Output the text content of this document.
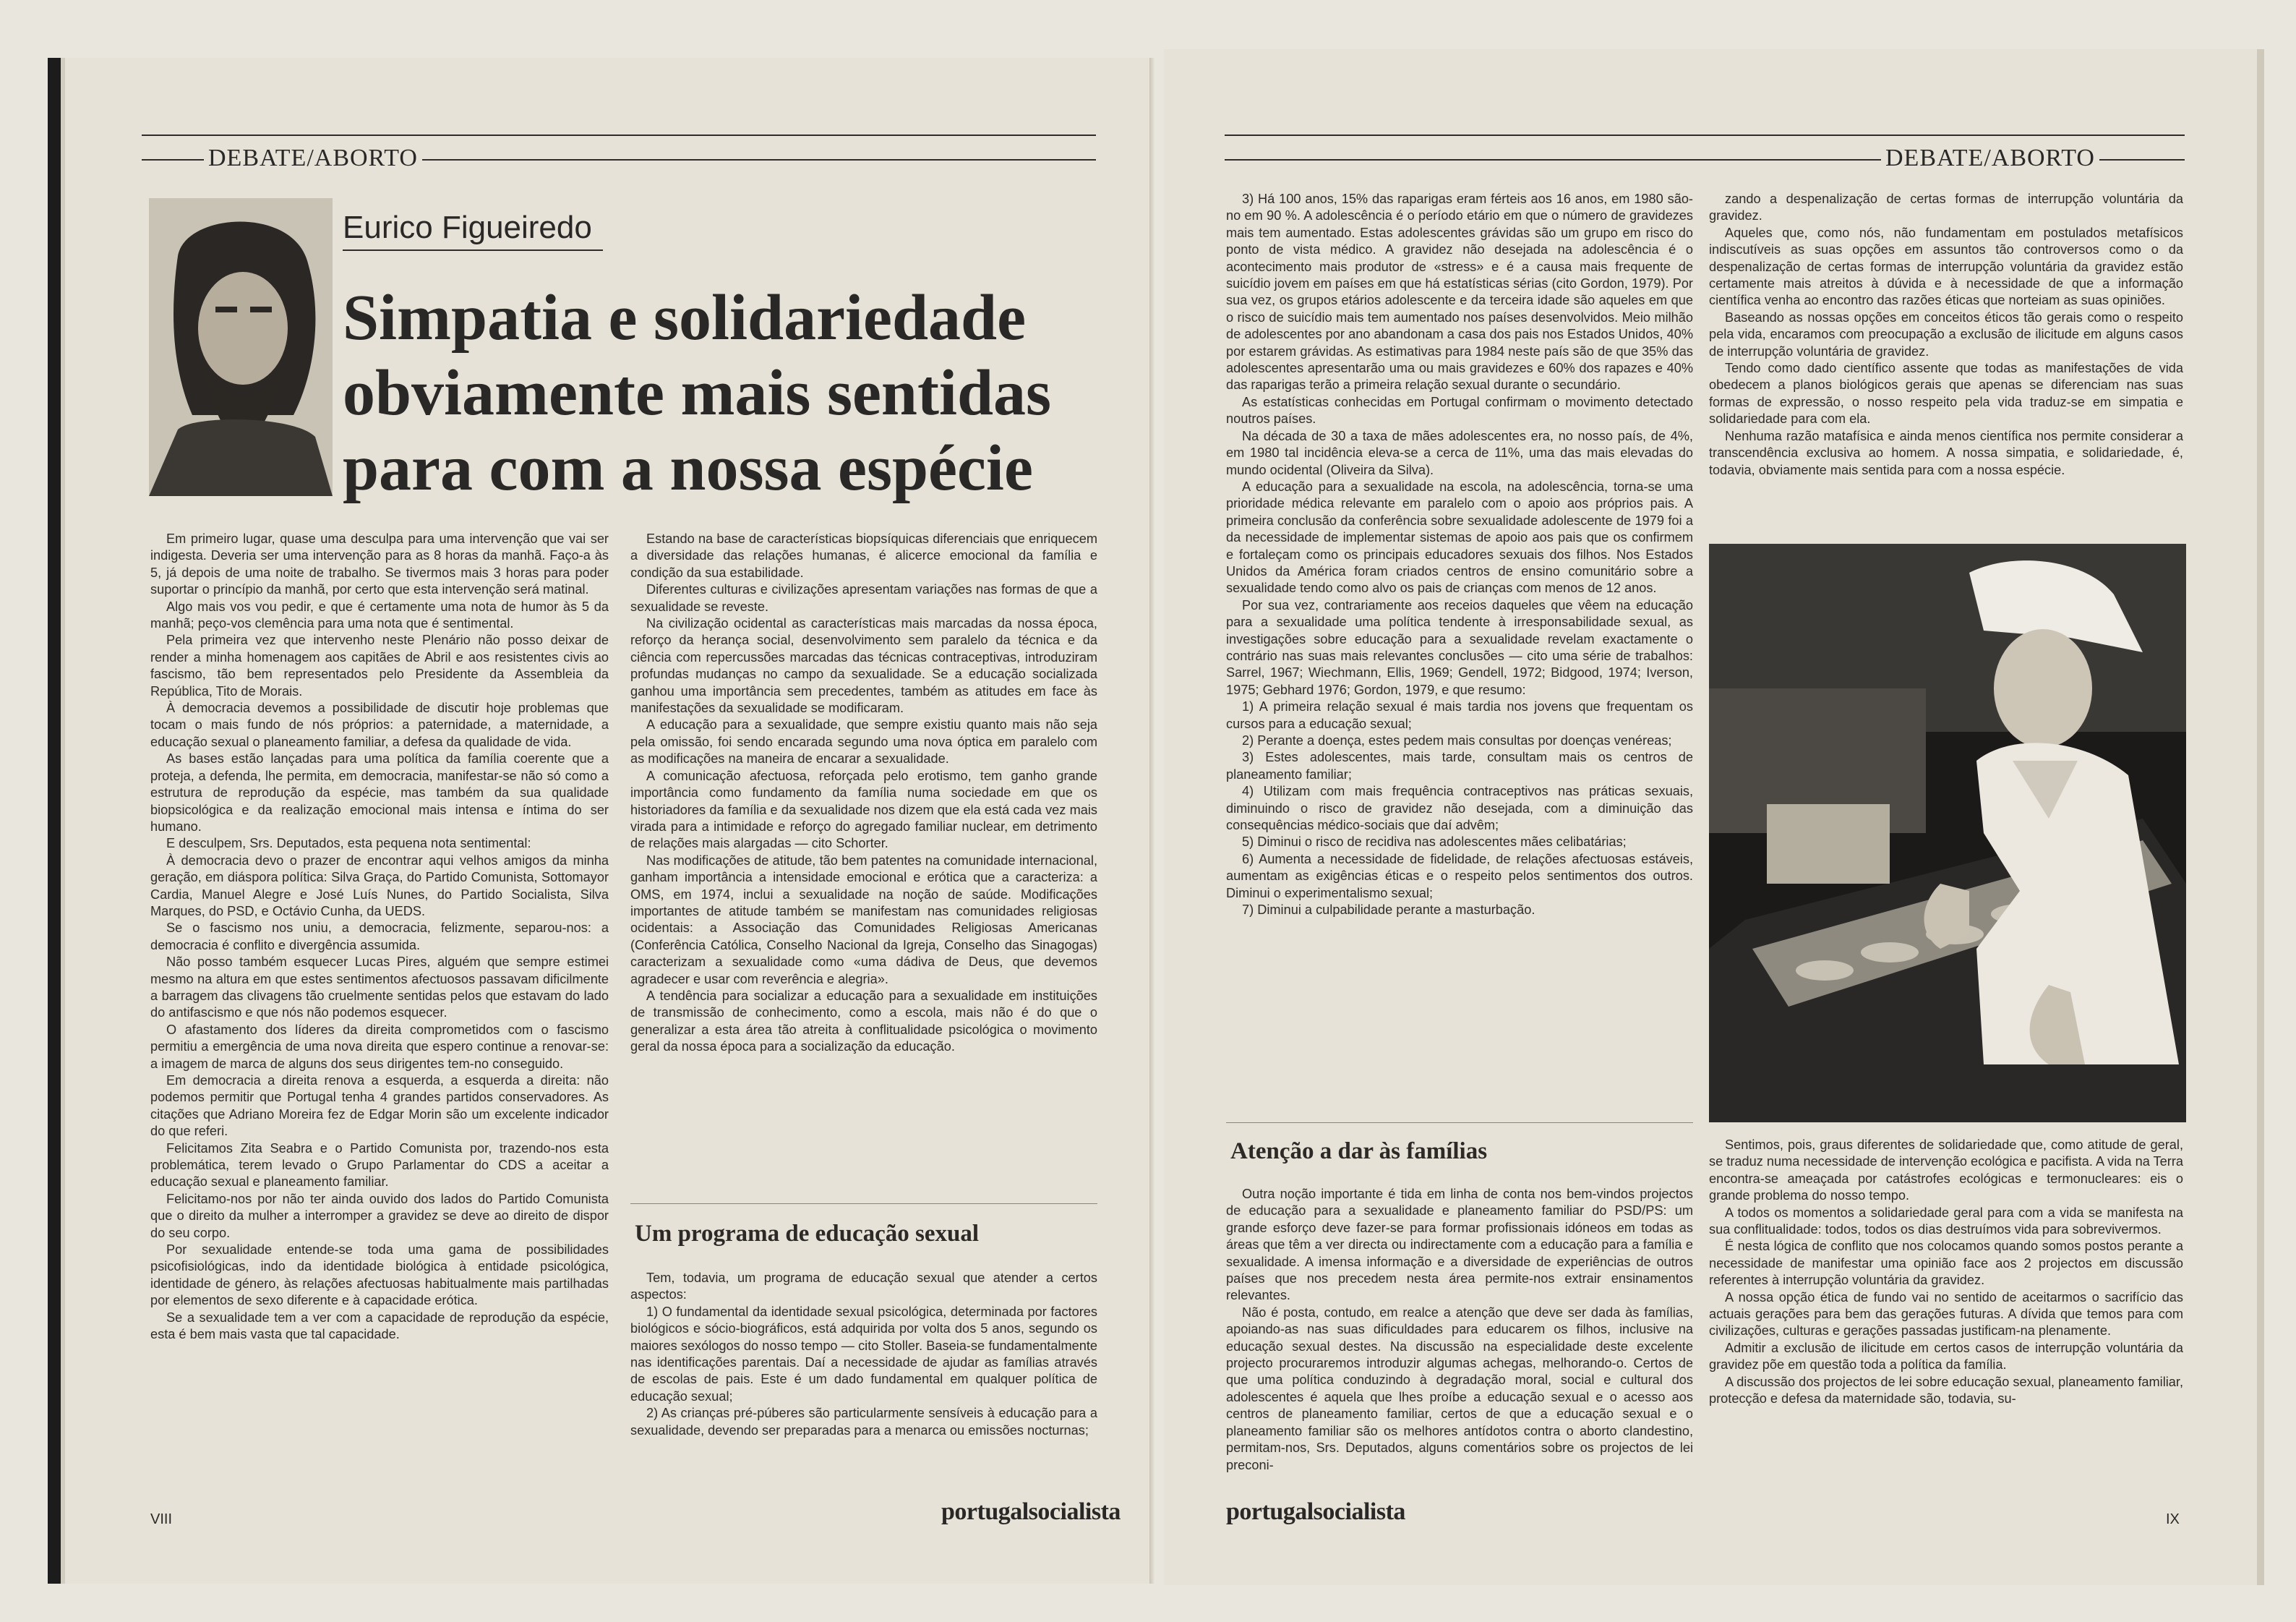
DEBATE/ABORTO
Eurico Figueiredo
Simpatia e solidariedade obviamente mais sentidas para com a nossa espécie

Em primeiro lugar, quase uma desculpa para uma intervenção que vai ser indigesta. Deveria ser uma intervenção para as 8 horas da manhã. Faço-a às 5, já depois de uma noite de trabalho. Se tivermos mais 3 horas para poder suportar o princípio da manhã, por certo que esta intervenção será matinal.

Algo mais vos vou pedir, e que é certamente uma nota de humor às 5 da manhã; peço-vos clemência para uma nota que é sentimental.

Pela primeira vez que intervenho neste Plenário não posso deixar de render a minha homenagem aos capitães de Abril e aos resistentes civis ao fascismo, tão bem representados pelo Presidente da Assembleia da República, Tito de Morais.

À democracia devemos a possibilidade de discutir hoje problemas que tocam o mais fundo de nós próprios: a paternidade, a maternidade, a educação sexual o planeamento familiar, a defesa da qualidade de vida.

As bases estão lançadas para uma política da família coerente que a proteja, a defenda, lhe permita, em democracia, manifestar-se não só como a estrutura de reprodução da espécie, mas também da sua qualidade biopsicológica e da realização emocional mais intensa e íntima do ser humano.

E desculpem, Srs. Deputados, esta pequena nota sentimental:

À democracia devo o prazer de encontrar aqui velhos amigos da minha geração, em diáspora política: Silva Graça, do Partido Comunista, Sottomayor Cardia, Manuel Alegre e José Luís Nunes, do Partido Socialista, Silva Marques, do PSD, e Octávio Cunha, da UEDS.

Se o fascismo nos uniu, a democracia, felizmente, separou-nos: a democracia é conflito e divergência assumida.

Não posso também esquecer Lucas Pires, alguém que sempre estimei mesmo na altura em que estes sentimentos afectuosos passavam dificilmente a barragem das clivagens tão cruelmente sentidas pelos que estavam do lado do antifascismo e que nós não podemos esquecer.

O afastamento dos líderes da direita comprometidos com o fascismo permitiu a emergência de uma nova direita que espero continue a renovar-se: a imagem de marca de alguns dos seus dirigentes tem-no conseguido.

Em democracia a direita renova a esquerda, a esquerda a direita: não podemos permitir que Portugal tenha 4 grandes partidos conservadores. As citações que Adriano Moreira fez de Edgar Morin são um excelente indicador do que referi.

Felicitamos Zita Seabra e o Partido Comunista por, trazendo-nos esta problemática, terem levado o Grupo Parlamentar do CDS a aceitar a educação sexual e planeamento familiar.

Felicitamo-nos por não ter ainda ouvido dos lados do Partido Comunista que o direito da mulher a interromper a gravidez se deve ao direito de dispor do seu corpo.

Por sexualidade entende-se toda uma gama de possibilidades psicofisiológicas, indo da identidade biológica à entidade psicológica, identidade de género, às relações afectuosas habitualmente mais partilhadas por elementos de sexo diferente e à capacidade erótica.

Se a sexualidade tem a ver com a capacidade de reprodução da espécie, esta é bem mais vasta que tal capacidade.

Estando na base de características biopsíquicas diferenciais que enriquecem a diversidade das relações humanas, é alicerce emocional da família e condição da sua estabilidade.

Diferentes culturas e civilizações apresentam variações nas formas de que a sexualidade se reveste.

Na civilização ocidental as características mais marcadas da nossa época, reforço da herança social, desenvolvimento sem paralelo da técnica e da ciência com repercussões marcadas das técnicas contraceptivas, introduziram profundas mudanças no campo da sexualidade. Se a educação socializada ganhou uma importância sem precedentes, também as atitudes em face às manifestações da sexualidade se modificaram.

A educação para a sexualidade, que sempre existiu quanto mais não seja pela omissão, foi sendo encarada segundo uma nova óptica em paralelo com as modificações na maneira de encarar a sexualidade.

A comunicação afectuosa, reforçada pelo erotismo, tem ganho grande importância como fundamento da família numa sociedade em que os historiadores da família e da sexualidade nos dizem que ela está cada vez mais virada para a intimidade e reforço do agregado familiar nuclear, em detrimento de relações mais alargadas — cito Schorter.

Nas modificações de atitude, tão bem patentes na comunidade internacional, ganham importância a intensidade emocional e erótica que a caracteriza: a OMS, em 1974, inclui a sexualidade na noção de saúde. Modificações importantes de atitude também se manifestam nas comunidades religiosas ocidentais: a Associação das Comunidades Religiosas Americanas (Conferência Católica, Conselho Nacional da Igreja, Conselho das Sinagogas) caracterizam a sexualidade como «uma dádiva de Deus, que devemos agradecer e usar com reverência e alegria».

A tendência para socializar a educação para a sexualidade em instituições de transmissão de conhecimento, como a escola, mais não é do que o generalizar a esta área tão atreita à conflitualidade psicológica o movimento geral da nossa época para a socialização da educação.

Um programa de educação sexual

Tem, todavia, um programa de educação sexual que atender a certos aspectos:

1) O fundamental da identidade sexual psicológica, determinada por factores biológicos e sócio-biográficos, está adquirida por volta dos 5 anos, segundo os maiores sexólogos do nosso tempo — cito Stoller. Baseia-se fundamentalmente nas identificações parentais. Daí a necessidade de ajudar as famílias através de escolas de pais. Este é um dado fundamental em qualquer política de educação sexual;

2) As crianças pré-púberes são particularmente sensíveis à educação para a sexualidade, devendo ser preparadas para a menarca ou emissões nocturnas;

VIII	portugalsocialista
DEBATE/ABORTO

3) Há 100 anos, 15% das raparigas eram férteis aos 16 anos, em 1980 são-no em 90 %. A adolescência é o período etário em que o número de gravidezes mais tem aumentado. Estas adolescentes grávidas são um grupo em risco do ponto de vista médico. A gravidez não desejada na adolescência é o acontecimento mais produtor de «stress» e é a causa mais frequente de suicídio jovem em países em que há estatísticas sérias (cito Gordon, 1979). Por sua vez, os grupos etários adolescente e da terceira idade são aqueles em que o risco de suicídio mais tem aumentado nos países desenvolvidos. Meio milhão de adolescentes por ano abandonam a casa dos pais nos Estados Unidos, 40% por estarem grávidas. As estimativas para 1984 neste país são de que 35% das adolescentes apresentarão uma ou mais gravidezes e 60% dos rapazes e 40% das raparigas terão a primeira relação sexual durante o secundário.

As estatísticas conhecidas em Portugal confirmam o movimento detectado noutros países.

Na década de 30 a taxa de mães adolescentes era, no nosso país, de 4%, em 1980 tal incidência eleva-se a cerca de 11%, uma das mais elevadas do mundo ocidental (Oliveira da Silva).

A educação para a sexualidade na escola, na adolescência, torna-se uma prioridade médica relevante em paralelo com o apoio aos próprios pais. A primeira conclusão da conferência sobre sexualidade adolescente de 1979 foi a da necessidade de implementar sistemas de apoio aos pais que os confirmem e fortaleçam como os principais educadores sexuais dos filhos. Nos Estados Unidos da América foram criados centros de ensino comunitário sobre a sexualidade tendo como alvo os pais de crianças com menos de 12 anos.

Por sua vez, contrariamente aos receios daqueles que vêem na educação para a sexualidade uma política tendente à irresponsabilidade sexual, as investigações sobre educação para a sexualidade revelam exactamente o contrário nas suas mais relevantes conclusões — cito uma série de trabalhos: Sarrel, 1967; Wiechmann, Ellis, 1969; Gendell, 1972; Bidgood, 1974; Iverson, 1975; Gebhard 1976; Gordon, 1979, e que resumo:

1) A primeira relação sexual é mais tardia nos jovens que frequentam os cursos para a educação sexual;

2) Perante a doença, estes pedem mais consultas por doenças venéreas;

3) Estes adolescentes, mais tarde, consultam mais os centros de planeamento familiar;

4) Utilizam com mais frequência contraceptivos nas práticas sexuais, diminuindo o risco de gravidez não desejada, com a diminuição das consequências médico-sociais que daí advêm;

5) Diminui o risco de recidiva nas adolescentes mães celibatárias;

6) Aumenta a necessidade de fidelidade, de relações afectuosas estáveis, aumentam as exigências éticas e o respeito pelos sentimentos dos outros. Diminui o experimentalismo sexual;

7) Diminui a culpabilidade perante a masturbação.

Atenção a dar às famílias

Outra noção importante é tida em linha de conta nos bem-vindos projectos de educação para a sexualidade e planeamento familiar do PSD/PS: um grande esforço deve fazer-se para formar profissionais idóneos em todas as áreas que têm a ver directa ou indirectamente com a educação para a família e sexualidade. A imensa informação e a diversidade de experiências de outros países que nos precedem nesta área permite-nos extrair ensinamentos relevantes.

Não é posta, contudo, em realce a atenção que deve ser dada às famílias, apoiando-as nas suas dificuldades para educarem os filhos, inclusive na educação sexual destes. Na discussão na especialidade deste excelente projecto procuraremos introduzir algumas achegas, melhorando-o. Certos de que uma política conduzindo à degradação moral, social e cultural dos adolescentes é aquela que lhes proíbe a educação sexual e o acesso aos centros de planeamento familiar, certos de que a educação sexual e o planeamento familiar são os melhores antídotos contra o aborto clandestino, permitam-nos, Srs. Deputados, alguns comentários sobre os projectos de lei preconi-

zando a despenalização de certas formas de interrupção voluntária da gravidez.

Aqueles que, como nós, não fundamentam em postulados metafísicos indiscutíveis as suas opções em assuntos tão controversos como o da despenalização de certas formas de interrupção voluntária da gravidez estão certamente mais atreitos à dúvida e à necessidade de que a informação científica venha ao encontro das razões éticas que norteiam as suas opiniões.

Baseando as nossas opções em conceitos éticos tão gerais como o respeito pela vida, encaramos com preocupação a exclusão de ilicitude em alguns casos de interrupção voluntária de gravidez.

Tendo como dado científico assente que todas as manifestações de vida obedecem a planos biológicos gerais que apenas se diferenciam nas suas formas de expressão, o nosso respeito pela vida traduz-se em simpatia e solidariedade para com ela.

Nenhuma razão matafísica e ainda menos científica nos permite considerar a transcendência exclusiva ao homem. A nossa simpatia, e solidariedade, é, todavia, obviamente mais sentida para com a nossa espécie.

Sentimos, pois, graus diferentes de solidariedade que, como atitude de geral, se traduz numa necessidade de intervenção ecológica e pacifista. A vida na Terra encontra-se ameaçada por catástrofes ecológicas e termonucleares: eis o grande problema do nosso tempo.

A todos os momentos a solidariedade geral para com a vida se manifesta na sua conflitualidade: todos, todos os dias destruímos vida para sobrevivermos.

É nesta lógica de conflito que nos colocamos quando somos postos perante a necessidade de manifestar uma opinião face aos 2 projectos em discussão referentes à interrupção voluntária da gravidez.

A nossa opção ética de fundo vai no sentido de aceitarmos o sacrifício das actuais gerações para bem das gerações futuras. A dívida que temos para com civilizações, culturas e gerações passadas justificam-na plenamente.

Admitir a exclusão de ilicitude em certos casos de interrupção voluntária da gravidez põe em questão toda a política da família.

A discussão dos projectos de lei sobre educação sexual, planeamento familiar, protecção e defesa da maternidade são, todavia, su-

portugalsocialista	IX
